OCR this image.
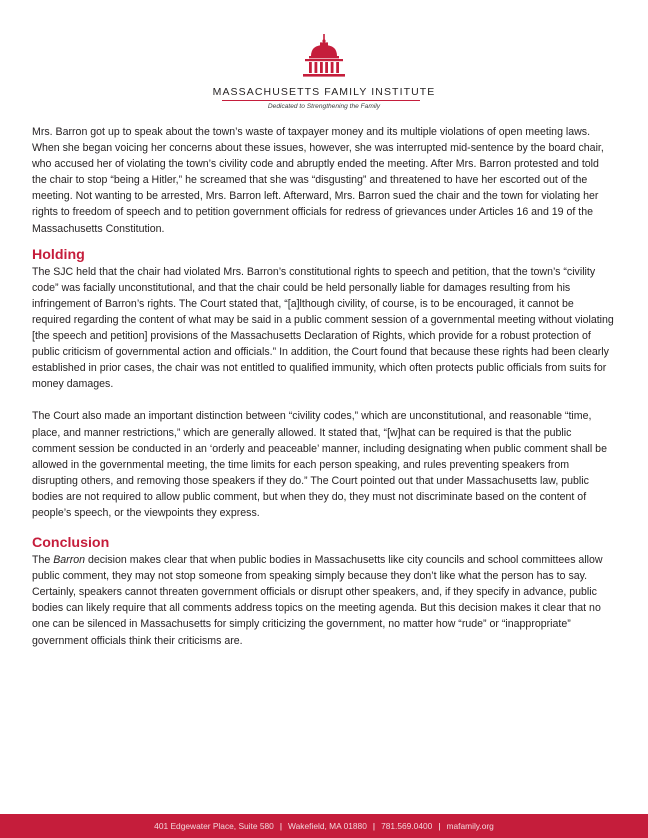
MASSACHUSETTS FAMILY INSTITUTE
Dedicated to Strengthening the Family

Mrs. Barron got up to speak about the town’s waste of taxpayer money and its multiple violations of open meeting laws. When she began voicing her concerns about these issues, however, she was interrupted mid-sentence by the board chair, who accused her of violating the town’s civility code and abruptly ended the meeting. After Mrs. Barron protested and told the chair to stop “being a Hitler,” he screamed that she was “disgusting” and threatened to have her escorted out of the meeting. Not wanting to be arrested, Mrs. Barron left. Afterward, Mrs. Barron sued the chair and the town for violating her rights to freedom of speech and to petition government officials for redress of grievances under Articles 16 and 19 of the Massachusetts Constitution.

Holding

The SJC held that the chair had violated Mrs. Barron’s constitutional rights to speech and petition, that the town’s “civility code” was facially unconstitutional, and that the chair could be held personally liable for damages resulting from his infringement of Barron’s rights. The Court stated that, “[a]lthough civility, of course, is to be encouraged, it cannot be required regarding the content of what may be said in a public comment session of a governmental meeting without violating [the speech and petition] provisions of the Massachusetts Declaration of Rights, which provide for a robust protection of public criticism of governmental action and officials.” In addition, the Court found that because these rights had been clearly established in prior cases, the chair was not entitled to qualified immunity, which often protects public officials from suits for money damages.

The Court also made an important distinction between “civility codes,” which are unconstitutional, and reasonable “time, place, and manner restrictions,” which are generally allowed. It stated that, “[w]hat can be required is that the public comment session be conducted in an ‘orderly and peaceable’ manner, including designating when public comment shall be allowed in the governmental meeting, the time limits for each person speaking, and rules preventing speakers from disrupting others, and removing those speakers if they do.” The Court pointed out that under Massachusetts law, public bodies are not required to allow public comment, but when they do, they must not discriminate based on the content of people’s speech, or the viewpoints they express.

Conclusion

The Barron decision makes clear that when public bodies in Massachusetts like city councils and school committees allow public comment, they may not stop someone from speaking simply because they don’t like what the person has to say. Certainly, speakers cannot threaten government officials or disrupt other speakers, and, if they specify in advance, public bodies can likely require that all comments address topics on the meeting agenda. But this decision makes it clear that no one can be silenced in Massachusetts for simply criticizing the government, no matter how “rude” or “inappropriate” government officials think their criticisms are.

401 Edgewater Place, Suite 580 | Wakefield, MA 01880 | 781.569.0400 | mafamily.org
